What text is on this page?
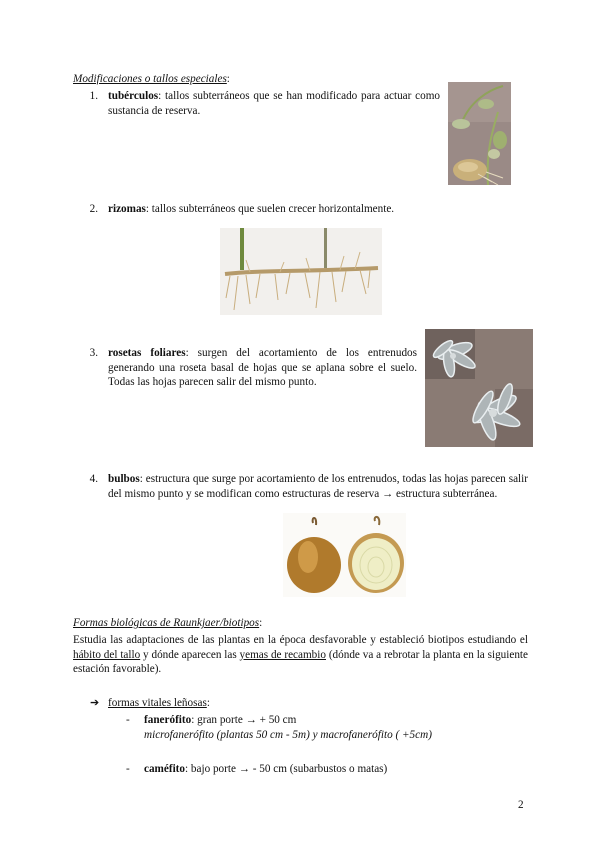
Modificaciones o tallos especiales:
1. tubérculos: tallos subterráneos que se han modificado para actuar como sustancia de reserva.
2. rizomas: tallos subterráneos que suelen crecer horizontalmente.
3. rosetas foliares: surgen del acortamiento de los entrenudos generando una roseta basal de hojas que se aplana sobre el suelo. Todas las hojas parecen salir del mismo punto.
4. bulbos: estructura que surge por acortamiento de los entrenudos, todas las hojas parecen salir del mismo punto y se modifican como estructuras de reserva → estructura subterránea.
Formas biológicas de Raunkjaer/biotipos:
Estudia las adaptaciones de las plantas en la época desfavorable y estableció biotipos estudiando el hábito del tallo y dónde aparecen las yemas de recambio (dónde va a rebrotar la planta en la siguiente estación favorable).
➔ formas vitales leñosas:
-	fanerófito: gran porte → + 50 cm
microfanerófito (plantas 50 cm - 5m) y macrofanerófito ( +5cm)
-	caméfito: bajo porte → - 50 cm (subarbustos o matas)
2
